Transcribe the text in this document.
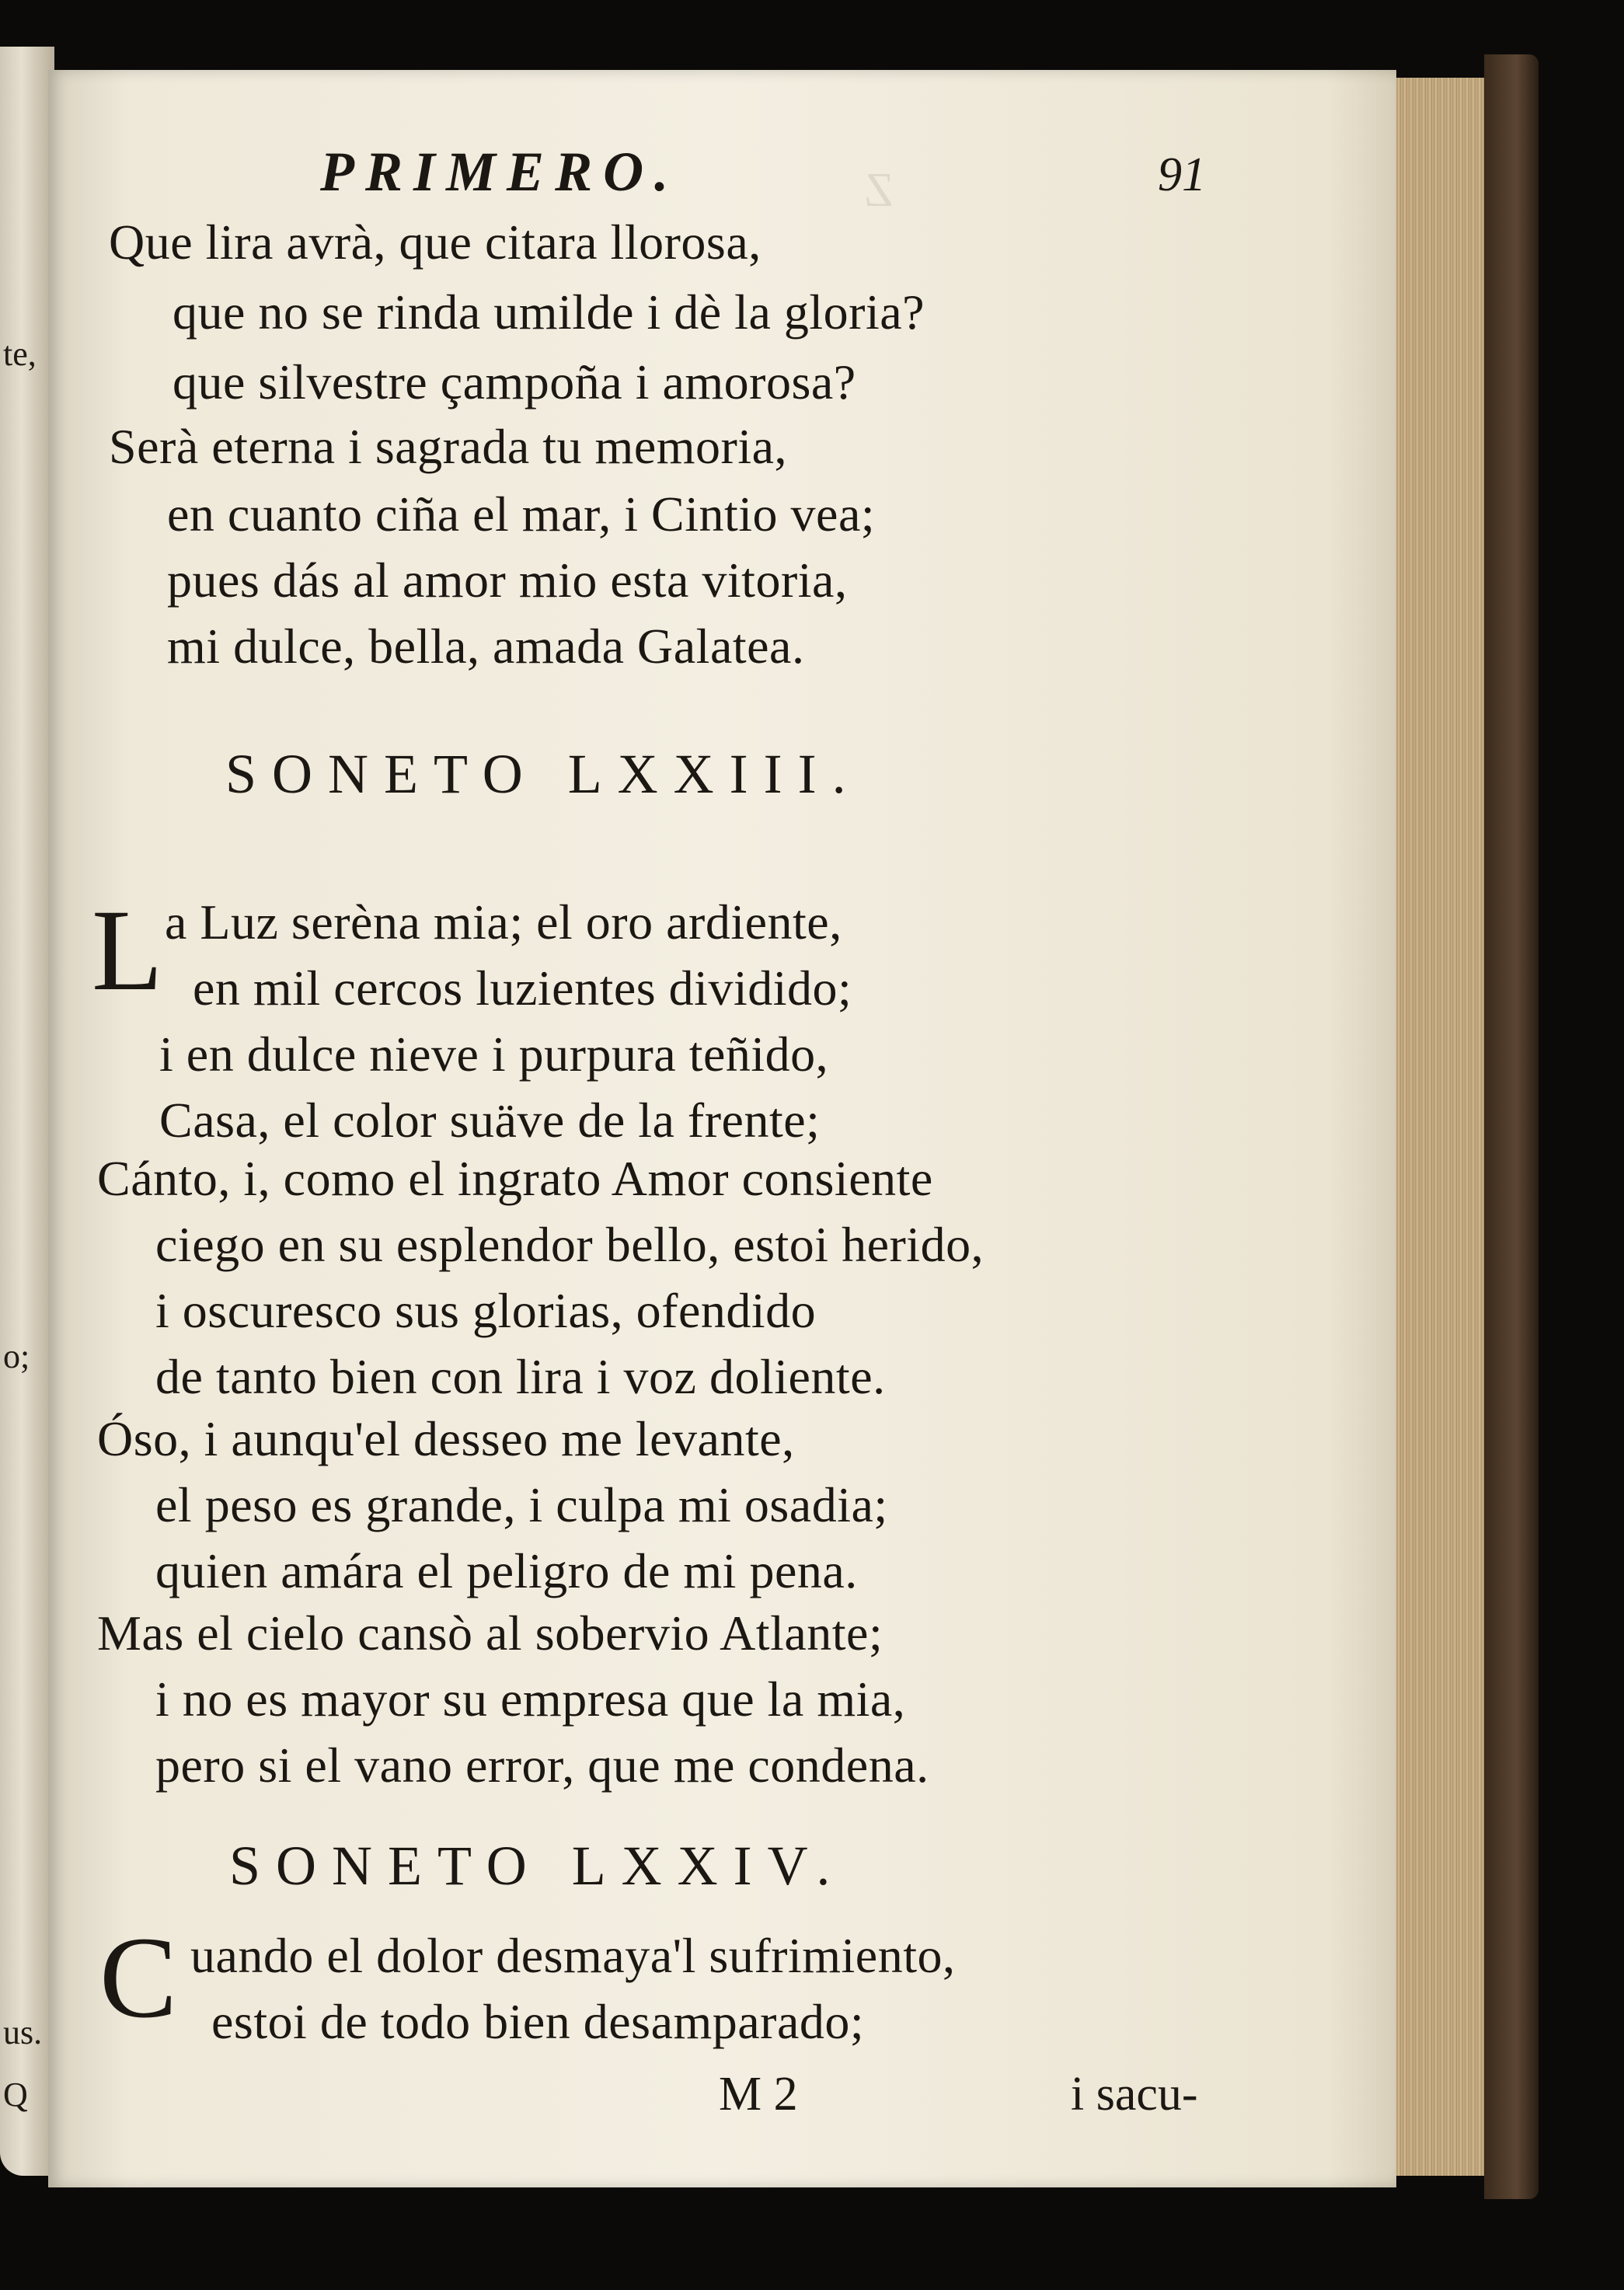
te,
o;
us.
Q
Z
PRIMERO.	91
Que lira avrà, que citara llorosa,
que no se rinda umilde i dè la gloria?
que silvestre çampoña i amorosa?
Serà eterna i sagrada tu memoria,
en cuanto ciña el mar, i Cintio vea;
pues dás al amor mio esta vitoria,
mi dulce, bella, amada Galatea.
SONETO LXXIII.
L a Luz serèna mia; el oro ardiente,
en mil cercos luzientes dividido;
i en dulce nieve i purpura teñido,
Casa, el color suäve de la frente;
Cánto, i, como el ingrato Amor consiente
ciego en su esplendor bello, estoi herido,
i oscuresco sus glorias, ofendido
de tanto bien con lira i voz doliente.
Óso, i aunqu'el desseo me levante,
el peso es grande, i culpa mi osadia;
quien amára el peligro de mi pena.
Mas el cielo cansò al sobervio Atlante;
i no es mayor su empresa que la mia,
pero si el vano error, que me condena.
SONETO LXXIV.
C uando el dolor desmaya'l sufrimiento,
estoi de todo bien desamparado;
M 2	i sacu-
